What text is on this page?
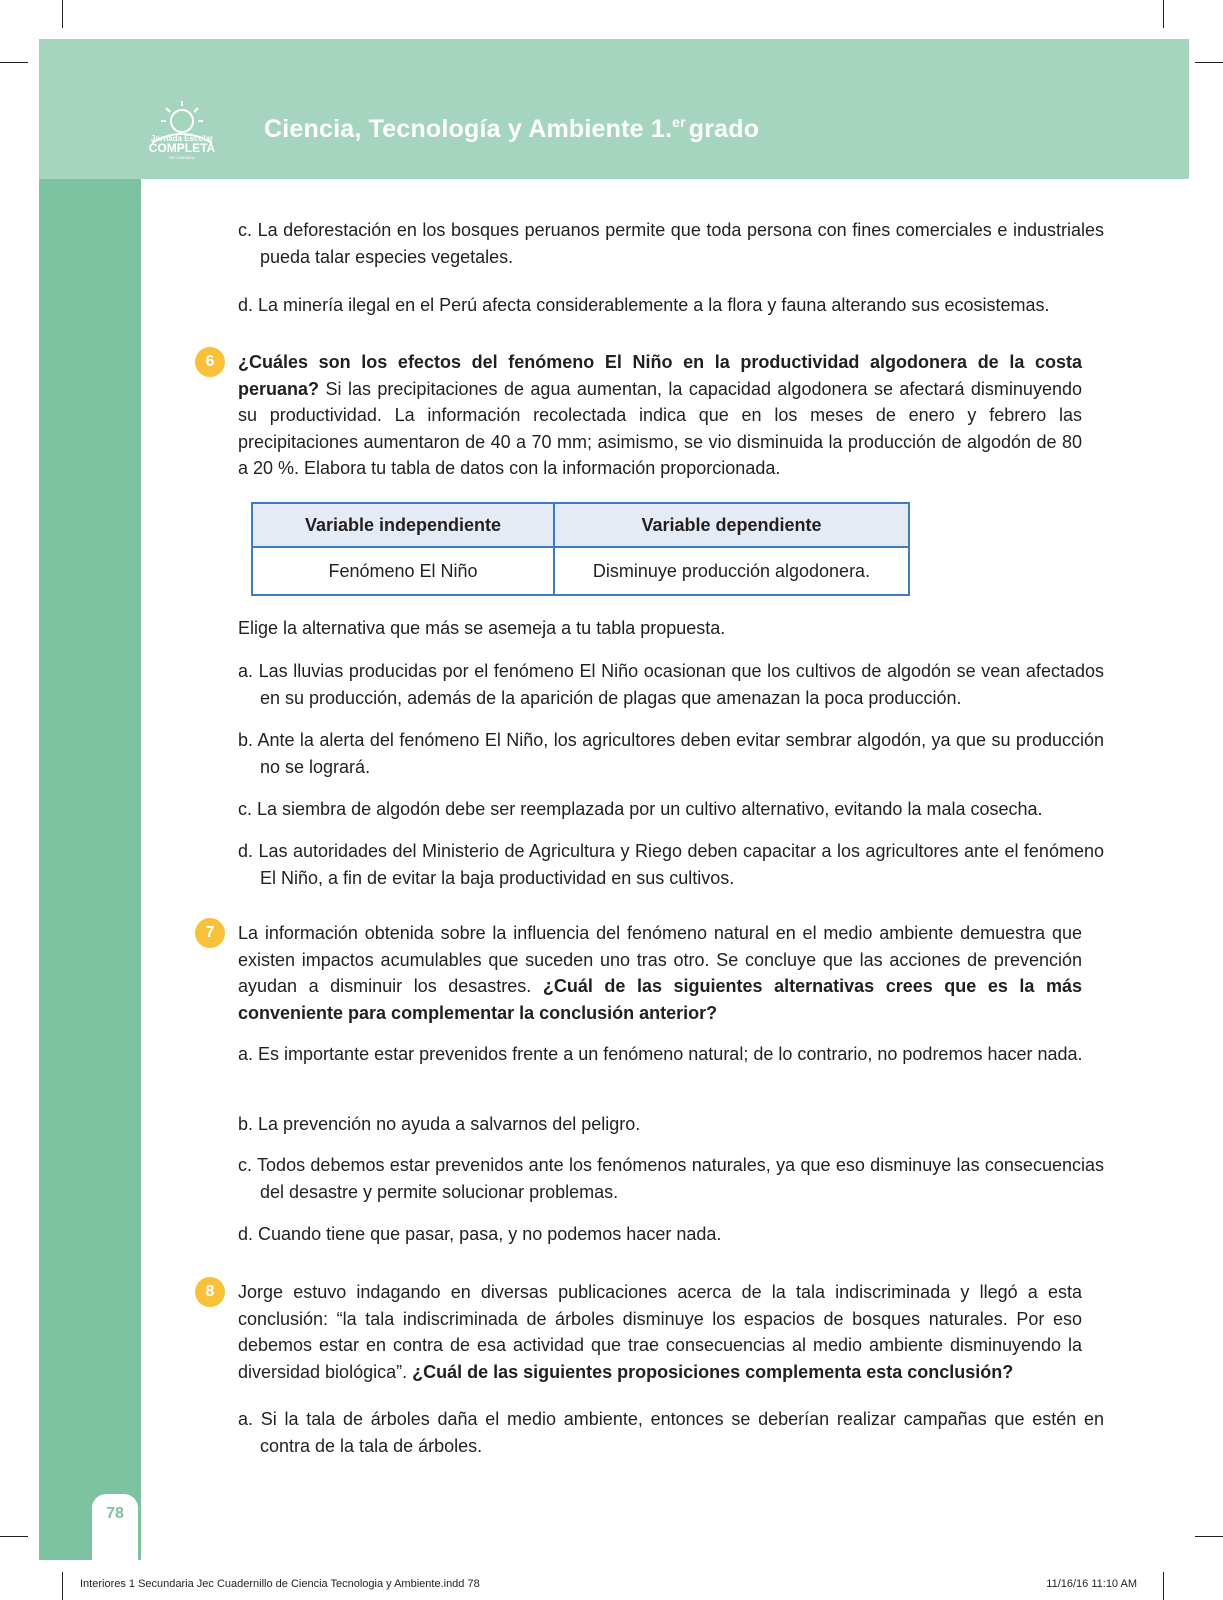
Jornada Escolar
COMPLETA
SECUNDARIA
Ciencia, Tecnología y Ambiente 1.$^{er}$ grado
c. La deforestación en los bosques peruanos permite que toda persona con fines comerciales e industriales pueda talar especies vegetales.
d. La minería ilegal en el Perú afecta considerablemente a la flora y fauna alterando sus ecosistemas.
6	¿Cuáles son los efectos del fenómeno El Niño en la productividad algodonera de la costa peruana? Si las precipitaciones de agua aumentan, la capacidad algodonera se afectará disminuyendo su productividad. La información recolectada indica que en los meses de enero y febrero las precipitaciones aumentaron de 40 a 70 mm; asimismo, se vio disminuida la producción de algodón de 80 a 20 %. Elabora tu tabla de datos con la información proporcionada.
Variable independiente	Variable dependiente
Fenómeno El Niño	Disminuye producción algodonera.
Elige la alternativa que más se asemeja a tu tabla propuesta.
a. Las lluvias producidas por el fenómeno El Niño ocasionan que los cultivos de algodón se vean afectados en su producción, además de la aparición de plagas que amenazan la poca producción.
b. Ante la alerta del fenómeno El Niño, los agricultores deben evitar sembrar algodón, ya que su producción no se logrará.
c. La siembra de algodón debe ser reemplazada por un cultivo alternativo, evitando la mala cosecha.
d. Las autoridades del Ministerio de Agricultura y Riego deben capacitar a los agricultores ante el fenómeno El Niño, a fin de evitar la baja productividad en sus cultivos.
7	La información obtenida sobre la influencia del fenómeno natural en el medio ambiente demuestra que existen impactos acumulables que suceden uno tras otro. Se concluye que las acciones de prevención ayudan a disminuir los desastres. ¿Cuál de las siguientes alternativas crees que es la más conveniente para complementar la conclusión anterior?
a. Es importante estar prevenidos frente a un fenómeno natural; de lo contrario, no podremos hacer nada.
b. La prevención no ayuda a salvarnos del peligro.
c. Todos debemos estar prevenidos ante los fenómenos naturales, ya que eso disminuye las consecuencias del desastre y permite solucionar problemas.
d. Cuando tiene que pasar, pasa, y no podemos hacer nada.
8	Jorge estuvo indagando en diversas publicaciones acerca de la tala indiscriminada y llegó a esta conclusión: “la tala indiscriminada de árboles disminuye los espacios de bosques naturales. Por eso debemos estar en contra de esa actividad que trae consecuencias al medio ambiente disminuyendo la diversidad biológica”. ¿Cuál de las siguientes proposiciones complementa esta conclusión?
a. Si la tala de árboles daña el medio ambiente, entonces se deberían realizar campañas que estén en contra de la tala de árboles.
78
Interiores 1 Secundaria Jec Cuadernillo de Ciencia Tecnologia y Ambiente.indd 78	11/16/16 11:10 AM
